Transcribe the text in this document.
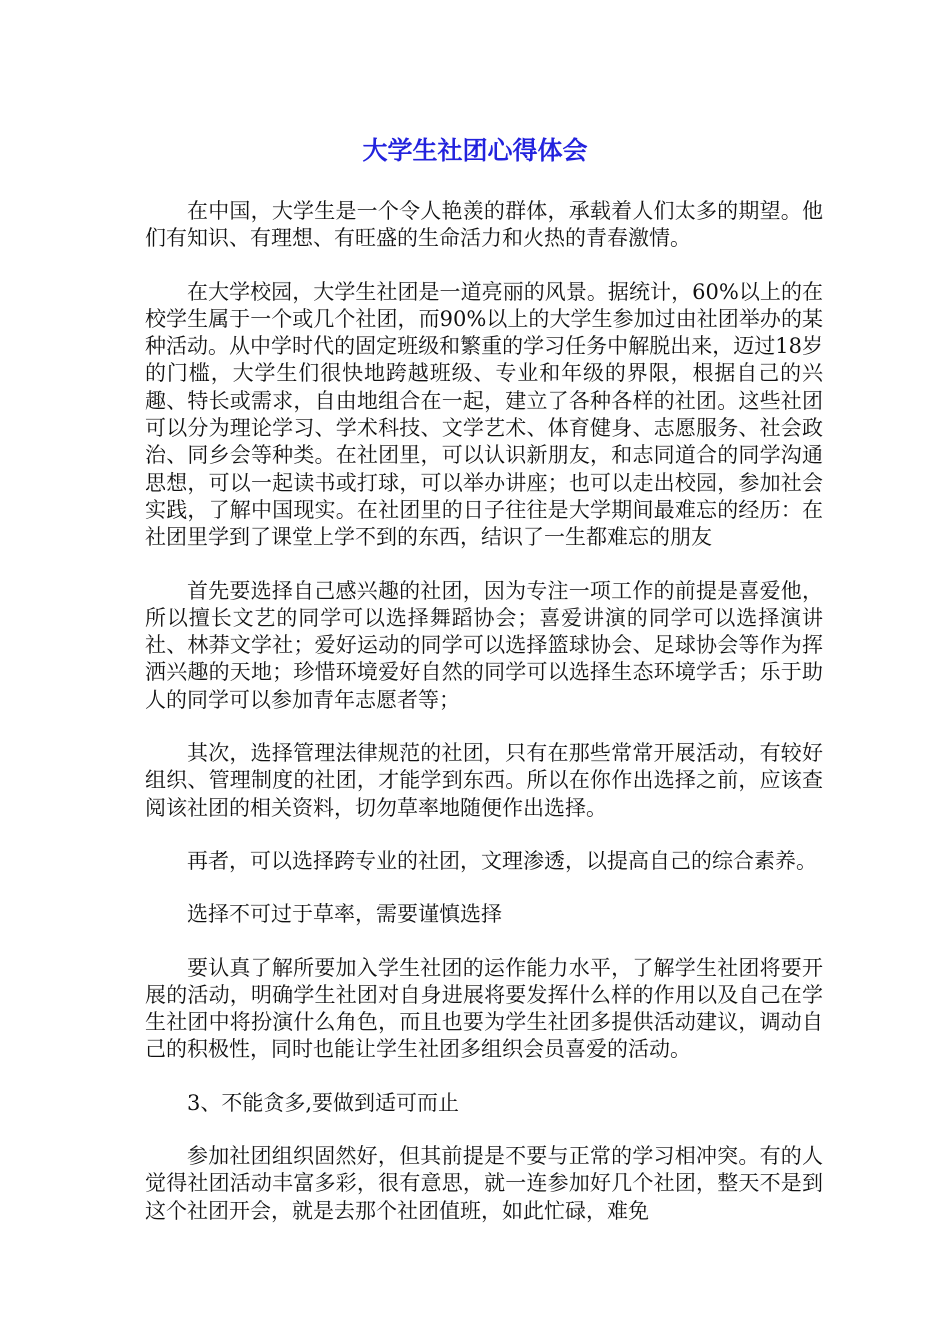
大学生社团心得体会

在中国，大学生是一个令人艳羡的群体，承载着人们太多的期望。他们有知识、有理想、有旺盛的生命活力和火热的青春激情。

在大学校园，大学生社团是一道亮丽的风景。据统计，60%以上的在校学生属于一个或几个社团，而90%以上的大学生参加过由社团举办的某种活动。从中学时代的固定班级和繁重的学习任务中解脱出来，迈过18岁的门槛，大学生们很快地跨越班级、专业和年级的界限，根据自己的兴趣、特长或需求，自由地组合在一起，建立了各种各样的社团。这些社团可以分为理论学习、学术科技、文学艺术、体育健身、志愿服务、社会政治、同乡会等种类。在社团里，可以认识新朋友，和志同道合的同学沟通思想，可以一起读书或打球，可以举办讲座；也可以走出校园，参加社会实践，了解中国现实。在社团里的日子往往是大学期间最难忘的经历：在社团里学到了课堂上学不到的东西，结识了一生都难忘的朋友

首先要选择自己感兴趣的社团，因为专注一项工作的前提是喜爱他，所以擅长文艺的同学可以选择舞蹈协会；喜爱讲演的同学可以选择演讲社、林莽文学社；爱好运动的同学可以选择篮球协会、足球协会等作为挥洒兴趣的天地；珍惜环境爱好自然的同学可以选择生态环境学舌；乐于助人的同学可以参加青年志愿者等；

其次，选择管理法律规范的社团，只有在那些常常开展活动，有较好组织、管理制度的社团，才能学到东西。所以在你作出选择之前，应该查阅该社团的相关资料，切勿草率地随便作出选择。

再者，可以选择跨专业的社团，文理渗透，以提高自己的综合素养。

选择不可过于草率，需要谨慎选择

要认真了解所要加入学生社团的运作能力水平，了解学生社团将要开展的活动，明确学生社团对自身进展将要发挥什么样的作用以及自己在学生社团中将扮演什么角色，而且也要为学生社团多提供活动建议，调动自己的积极性，同时也能让学生社团多组织会员喜爱的活动。

3、不能贪多,要做到适可而止

参加社团组织固然好，但其前提是不要与正常的学习相冲突。有的人觉得社团活动丰富多彩，很有意思，就一连参加好几个社团，整天不是到这个社团开会，就是去那个社团值班，如此忙碌，难免
